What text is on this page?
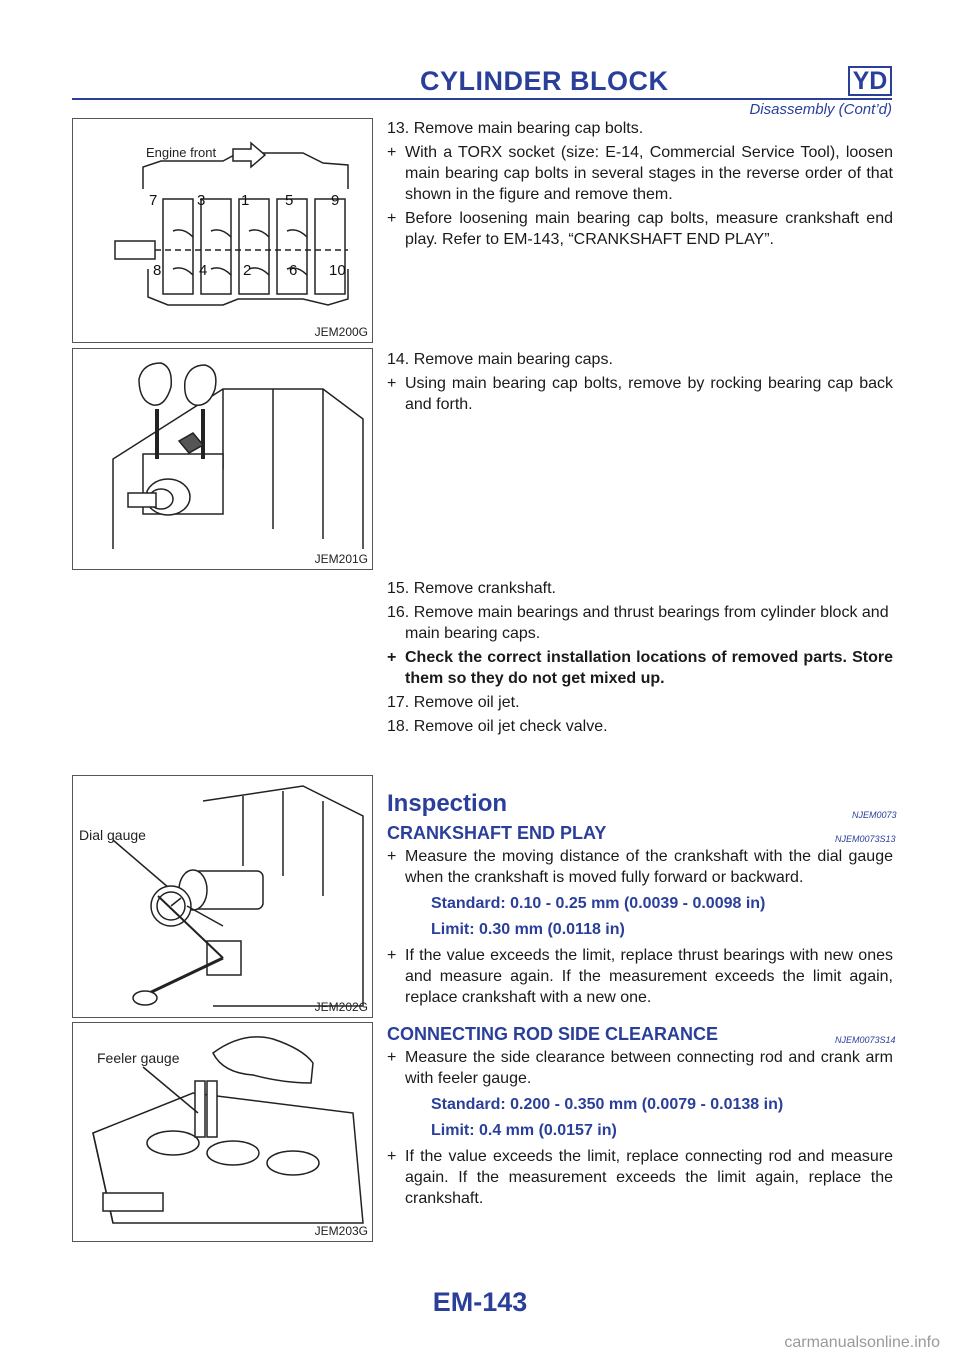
CYLINDER BLOCK	YD
Disassembly (Cont’d)
Engine front
7	3 1 5	9
8	4 2	6 10
JEM200G
JEM201G
Dial gauge
JEM202G
Feeler gauge
JEM203G
13. Remove main bearing cap bolts.
+ With a TORX socket (size: E-14, Commercial Service Tool), loosen main bearing cap bolts in several stages in the reverse order of that shown in the figure and remove them.
+ Before loosening main bearing cap bolts, measure crankshaft end play. Refer to EM-143, “CRANKSHAFT END PLAY”.
14. Remove main bearing caps.
+ Using main bearing cap bolts, remove by rocking bearing cap back and forth.
15. Remove crankshaft.
16. Remove main bearings and thrust bearings from cylinder block and main bearing caps.
+ Check the correct installation locations of removed parts. Store them so they do not get mixed up.
17. Remove oil jet.
18. Remove oil jet check valve.
Inspection	NJEM0073
CRANKSHAFT END PLAY	NJEM0073S13
+ Measure the moving distance of the crankshaft with the dial gauge when the crankshaft is moved fully forward or backward.
Standard: 0.10 - 0.25 mm (0.0039 - 0.0098 in)
Limit: 0.30 mm (0.0118 in)
+ If the value exceeds the limit, replace thrust bearings with new ones and measure again. If the measurement exceeds the limit again, replace crankshaft with a new one.
CONNECTING ROD SIDE CLEARANCE	NJEM0073S14
+ Measure the side clearance between connecting rod and crank arm with feeler gauge.
Standard: 0.200 - 0.350 mm (0.0079 - 0.0138 in)
Limit: 0.4 mm (0.0157 in)
+ If the value exceeds the limit, replace connecting rod and measure again. If the measurement exceeds the limit again, replace the crankshaft.
EM-143
carmanualsonline.info
